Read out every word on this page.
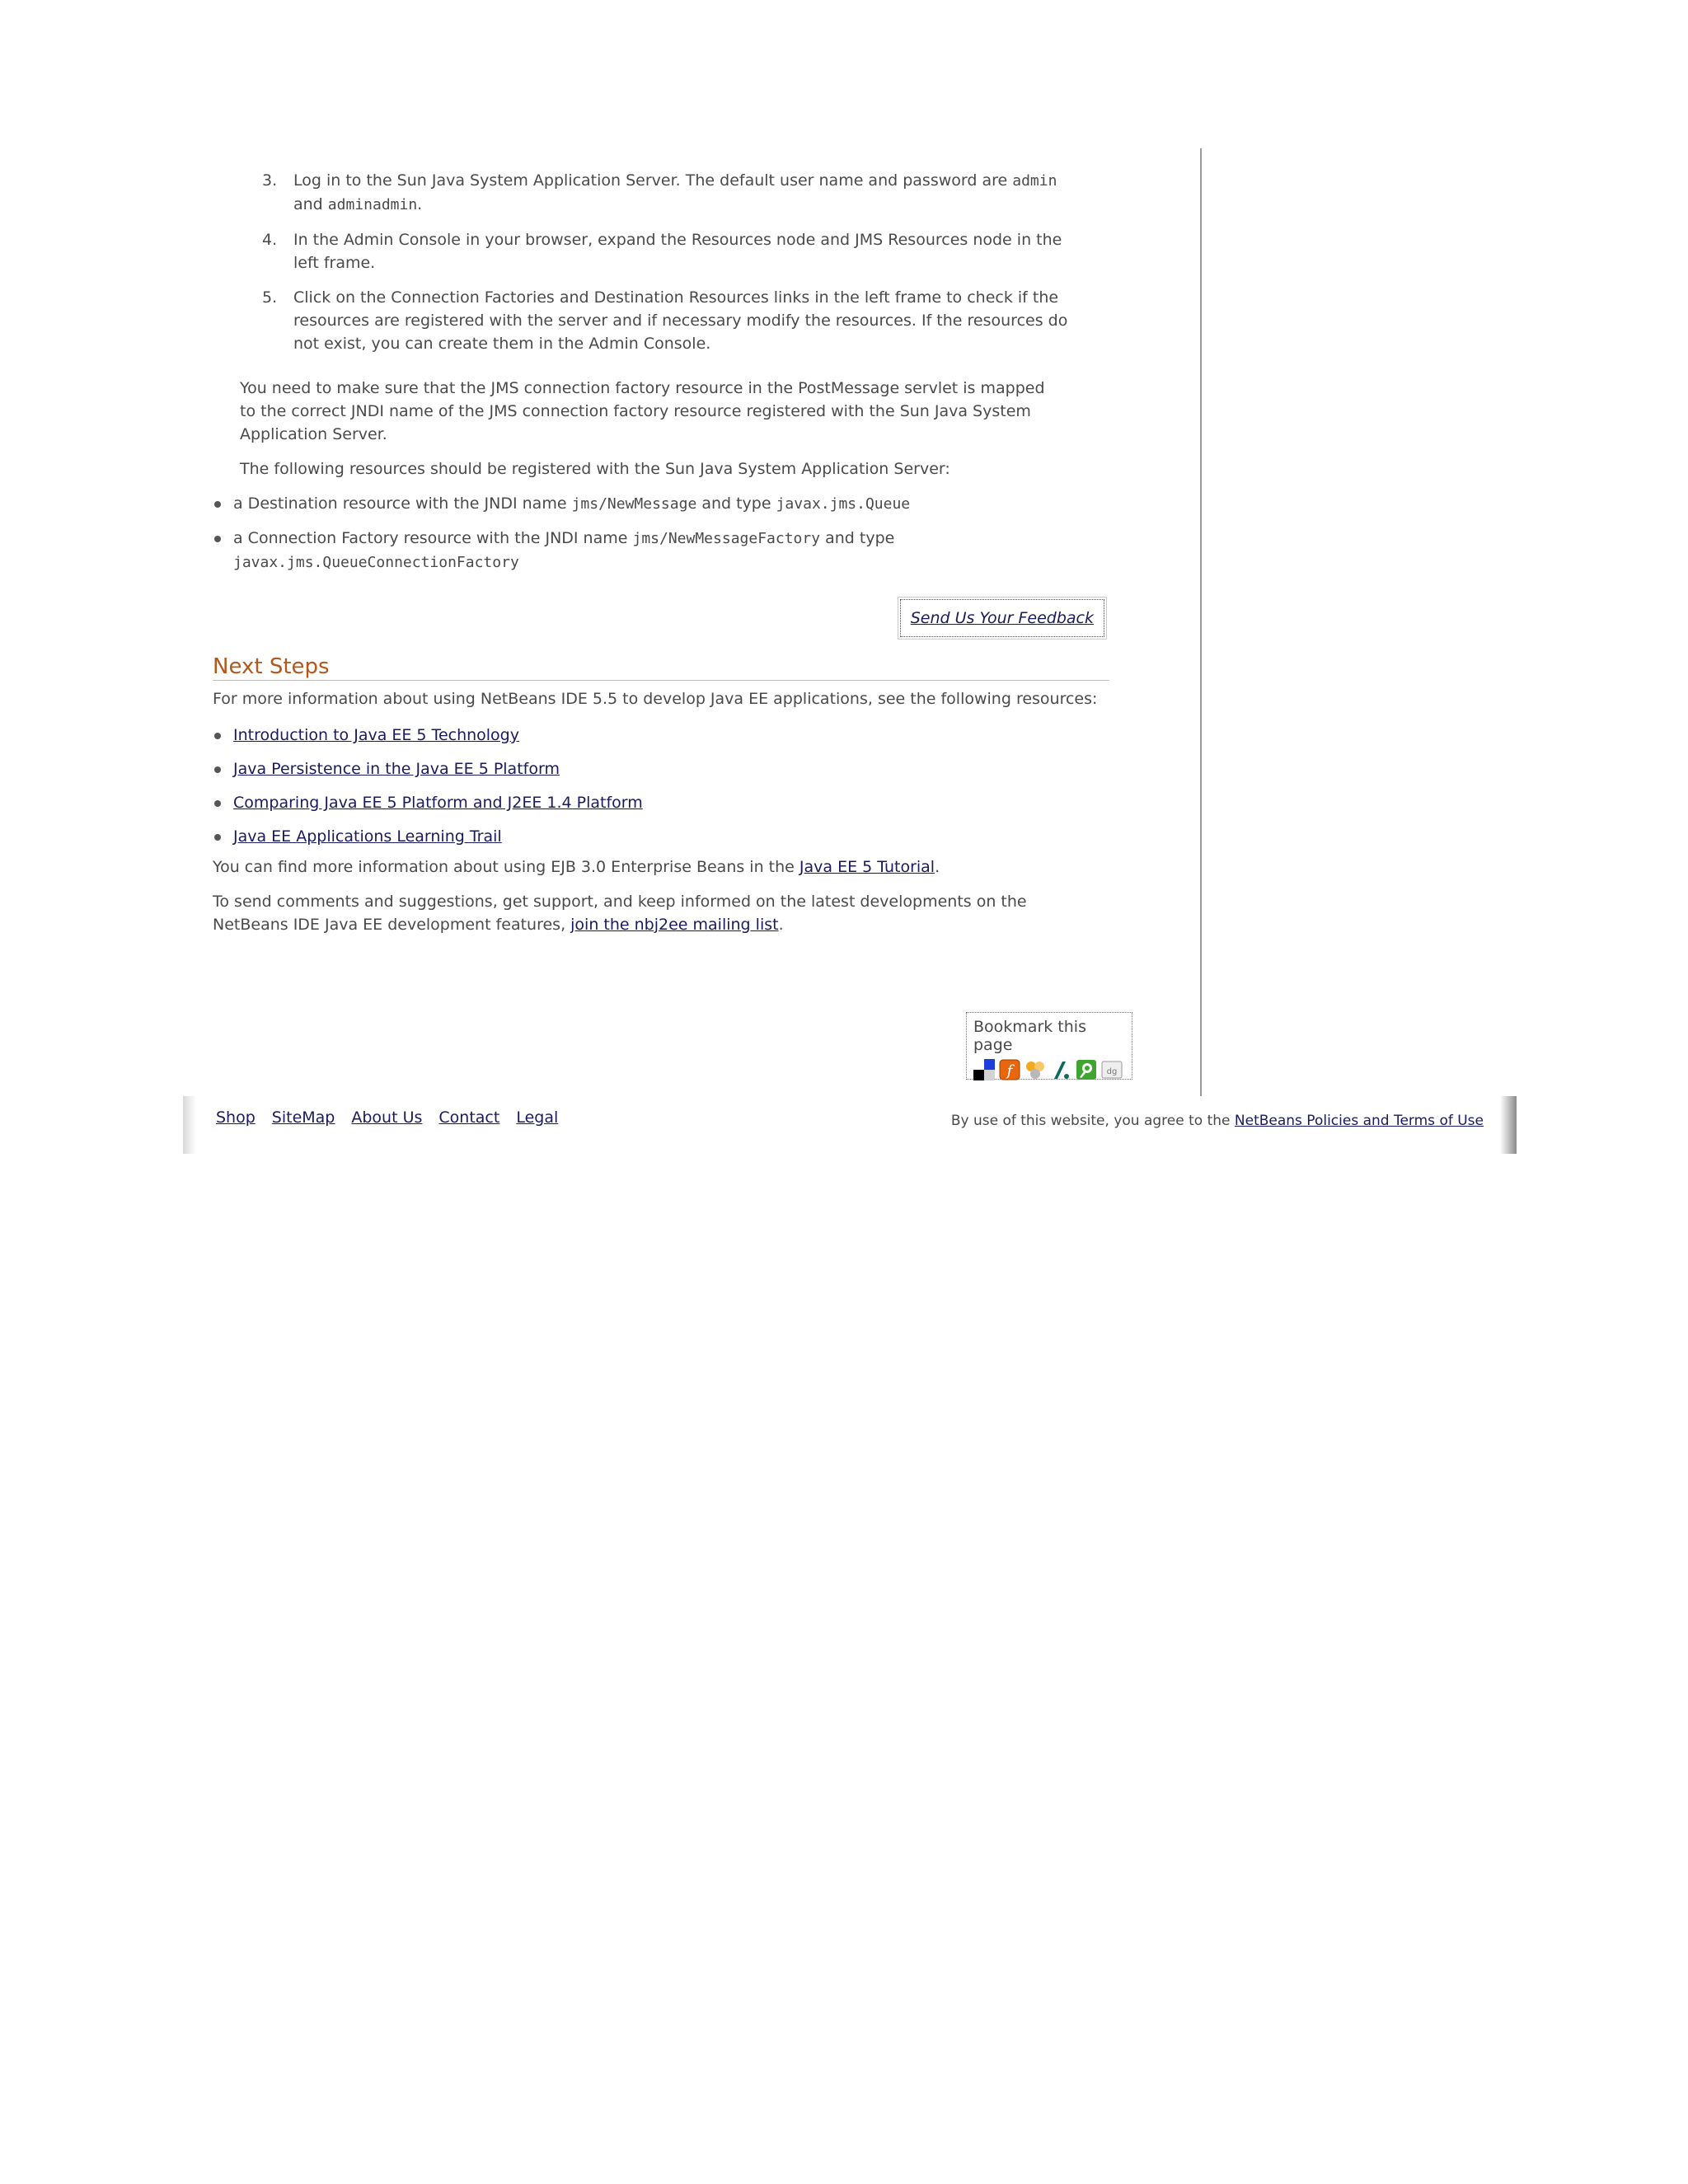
3. Log in to the Sun Java System Application Server. The default user name and password are admin and adminadmin.
4. In the Admin Console in your browser, expand the Resources node and JMS Resources node in the left frame.
5. Click on the Connection Factories and Destination Resources links in the left frame to check if the resources are registered with the server and if necessary modify the resources. If the resources do not exist, you can create them in the Admin Console.

You need to make sure that the JMS connection factory resource in the PostMessage servlet is mapped to the correct JNDI name of the JMS connection factory resource registered with the Sun Java System Application Server.

The following resources should be registered with the Sun Java System Application Server:

a Destination resource with the JNDI name jms/NewMessage and type javax.jms.Queue
a Connection Factory resource with the JNDI name jms/NewMessageFactory and type javax.jms.QueueConnectionFactory
Send Us Your Feedback
Next Steps

For more information about using NetBeans IDE 5.5 to develop Java EE applications, see the following resources:

Introduction to Java EE 5 Technology
Java Persistence in the Java EE 5 Platform
Comparing Java EE 5 Platform and J2EE 1.4 Platform
Java EE Applications Learning Trail

You can find more information about using EJB 3.0 Enterprise Beans in the Java EE 5 Tutorial.

To send comments and suggestions, get support, and keep informed on the latest developments on the NetBeans IDE Java EE development features, join the nbj2ee mailing list.

Bookmark this page
f	dg
Shop SiteMap About Us Contact Legal	By use of this website, you agree to the NetBeans Policies and Terms of Use
